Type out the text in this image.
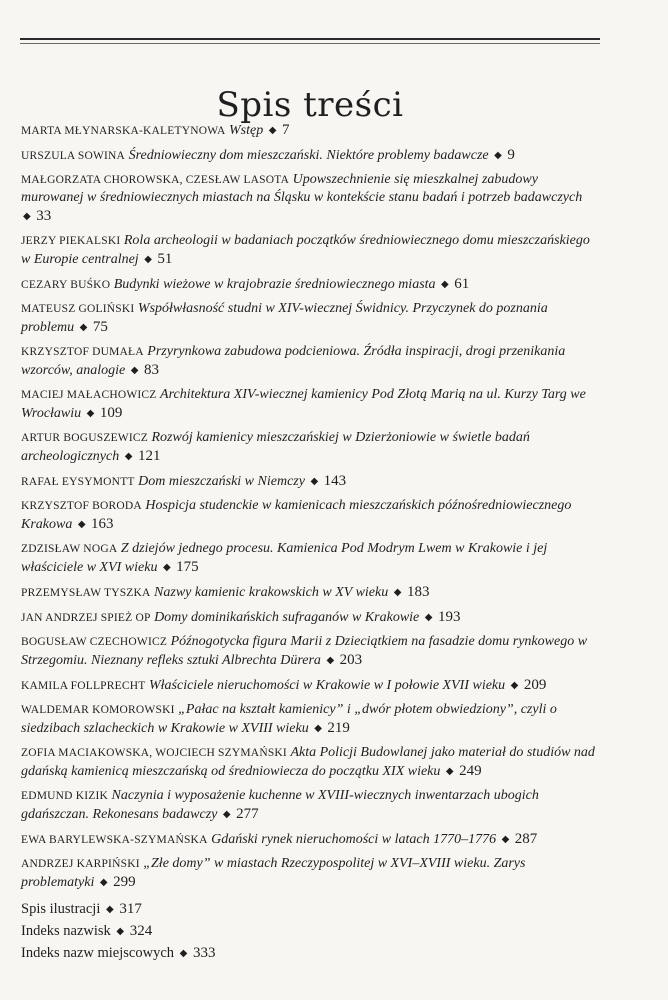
Spis treści
MARTA MŁYNARSKA-KALETYNOWA Wstęp ◆ 7
URSZULA SOWINA Średniowieczny dom mieszczański. Niektóre problemy badawcze ◆ 9
MAŁGORZATA CHOROWSKA, CZESŁAW LASOTA Upowszechnienie się mieszkalnej zabudowy murowanej w średniowiecznych miastach na Śląsku w kontekście stanu badań i potrzeb badawczych ◆ 33
JERZY PIEKALSKI Rola archeologii w badaniach początków średniowiecznego domu mieszczańskiego w Europie centralnej ◆ 51
CEZARY BUŚKO Budynki wieżowe w krajobrazie średniowiecznego miasta ◆ 61
MATEUSZ GOLIŃSKI Współwłasność studni w XIV-wiecznej Świdnicy. Przyczynek do poznania problemu ◆ 75
KRZYSZTOF DUMAŁA Przyrynkowa zabudowa podcieniowa. Źródła inspiracji, drogi przenikania wzorców, analogie ◆ 83
MACIEJ MAŁACHOWICZ Architektura XIV-wiecznej kamienicy Pod Złotą Marią na ul. Kurzy Targ we Wrocławiu ◆ 109
ARTUR BOGUSZEWICZ Rozwój kamienicy mieszczańskiej w Dzierżoniowie w świetle badań archeologicznych ◆ 121
RAFAŁ EYSYMONTT Dom mieszczański w Niemczy ◆ 143
KRZYSZTOF BORODA Hospicja studenckie w kamienicach mieszczańskich późnośredniowiecznego Krakowa ◆ 163
ZDZISŁAW NOGA Z dziejów jednego procesu. Kamienica Pod Modrym Lwem w Krakowie i jej właściciele w XVI wieku ◆ 175
PRZEMYSŁAW TYSZKA Nazwy kamienic krakowskich w XV wieku ◆ 183
JAN ANDRZEJ SPIEŻ OP Domy dominikańskich sufraganów w Krakowie ◆ 193
BOGUSŁAW CZECHOWICZ Późnogotycka figura Marii z Dzieciątkiem na fasadzie domu rynkowego w Strzegomiu. Nieznany refleks sztuki Albrechta Dürera ◆ 203
KAMILA FOLLPRECHT Właściciele nieruchomości w Krakowie w I połowie XVII wieku ◆ 209
WALDEMAR KOMOROWSKI „Pałac na kształt kamienicy” i „dwór płotem obwiedziony”, czyli o siedzibach szlacheckich w Krakowie w XVIII wieku ◆ 219
ZOFIA MACIAKOWSKA, WOJCIECH SZYMAŃSKI Akta Policji Budowlanej jako materiał do studiów nad gdańską kamienicą mieszczańską od średniowiecza do początku XIX wieku ◆ 249
EDMUND KIZIK Naczynia i wyposażenie kuchenne w XVIII-wiecznych inwentarzach ubogich gdańszczan. Rekonesans badawczy ◆ 277
EWA BARYLEWSKA-SZYMAŃSKA Gdański rynek nieruchomości w latach 1770–1776 ◆ 287
ANDRZEJ KARPIŃSKI „Złe domy” w miastach Rzeczypospolitej w XVI–XVIII wieku. Zarys problematyki ◆ 299
Spis ilustracji ◆ 317
Indeks nazwisk ◆ 324
Indeks nazw miejscowych ◆ 333
